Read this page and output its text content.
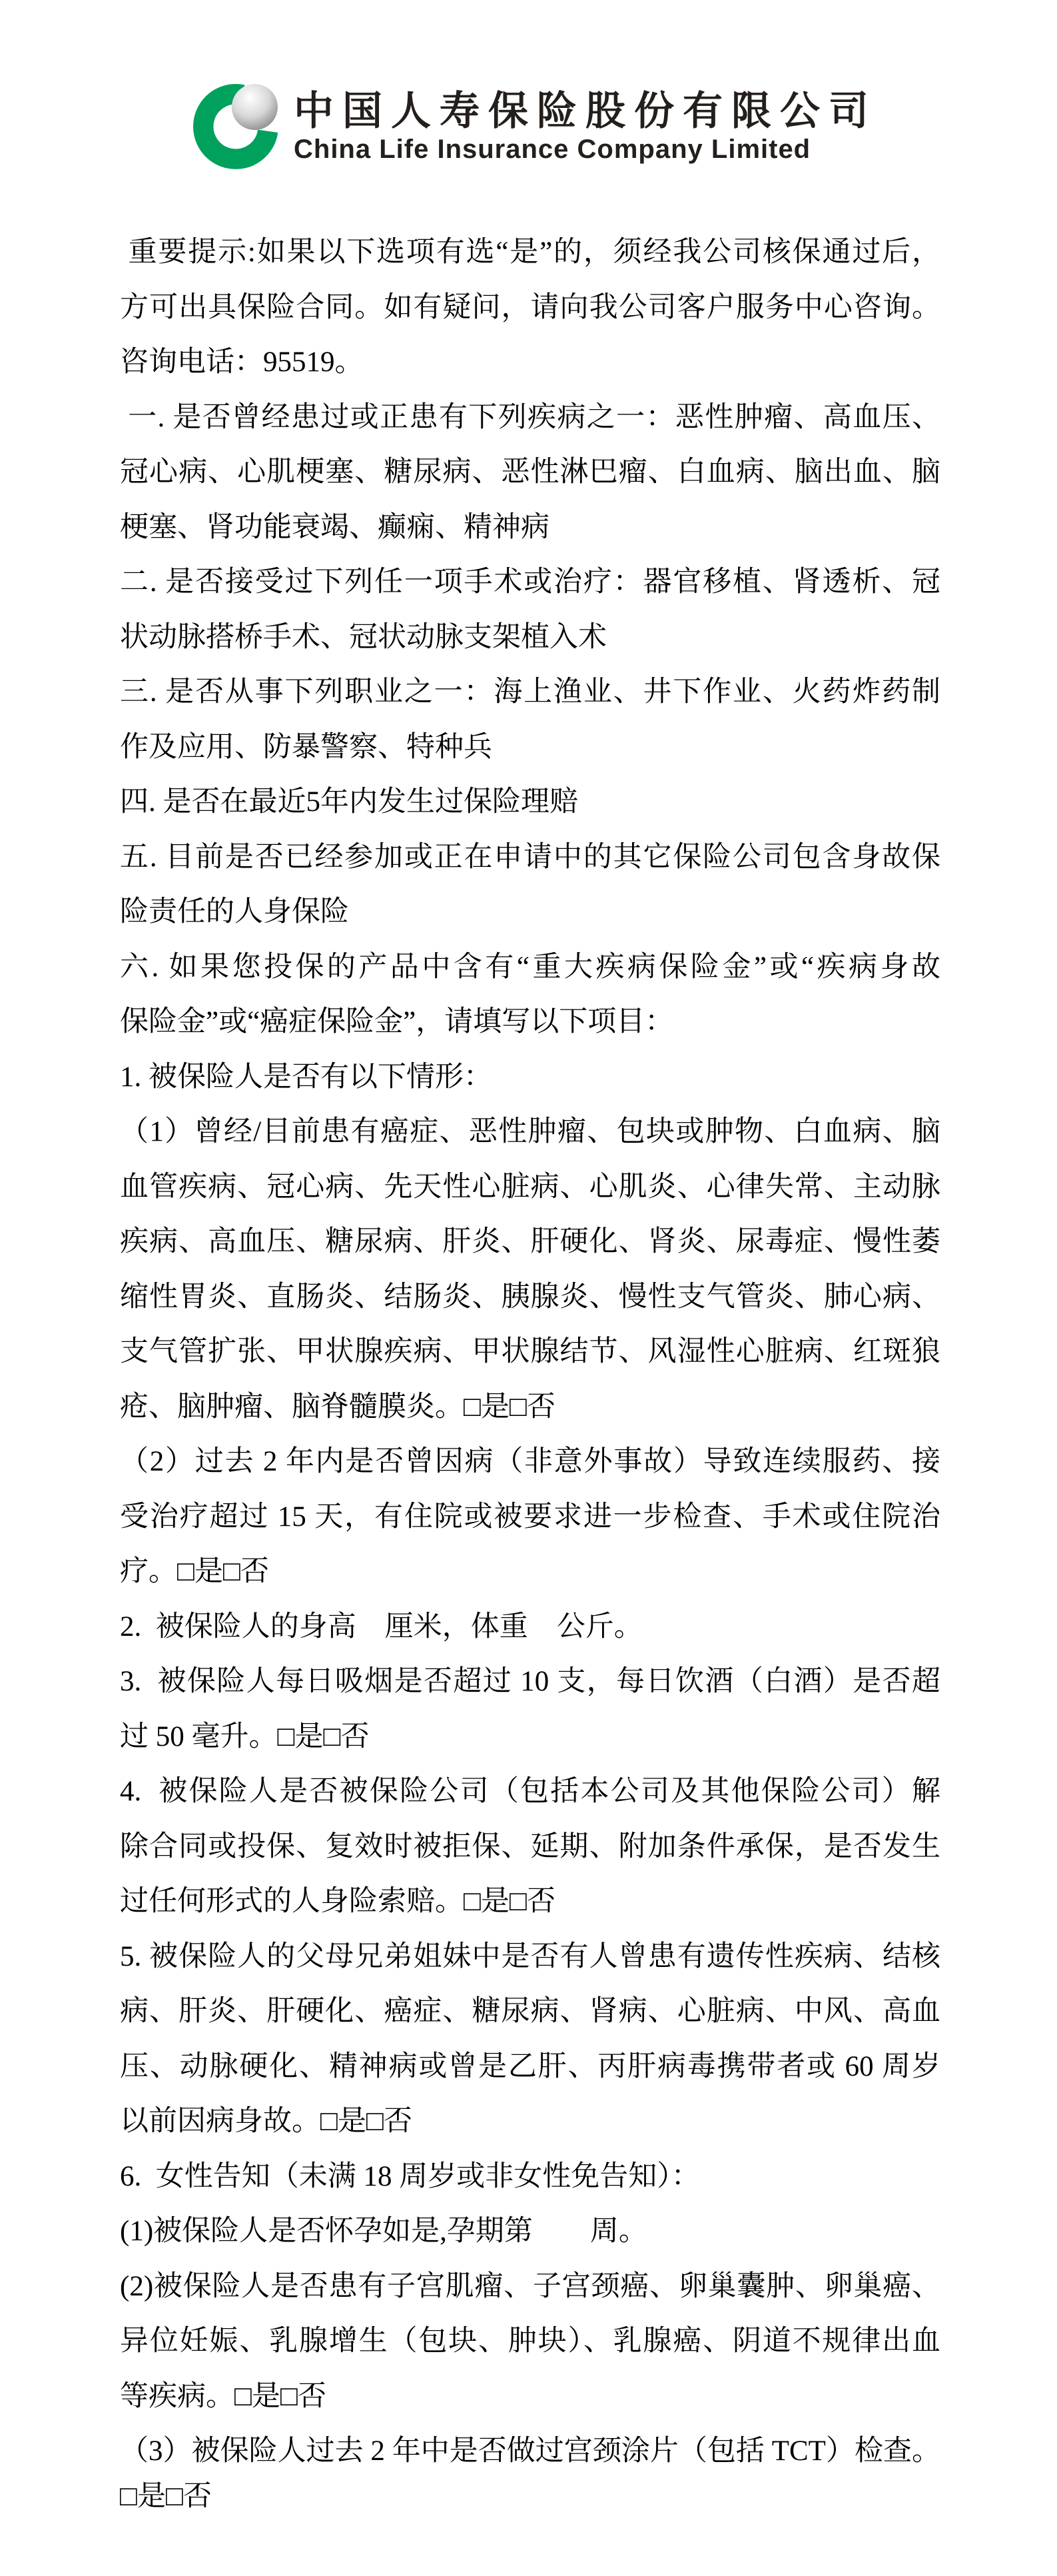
中国人寿保险股份有限公司
China Life Insurance Company Limited
重要提示:如果以下选项有选“是”的，须经我公司核保通过后，
方可出具保险合同。如有疑问，请向我公司客户服务中心咨询。
咨询电话：95519。
一. 是否曾经患过或正患有下列疾病之一：恶性肿瘤、高血压、
冠心病、心肌梗塞、糖尿病、恶性淋巴瘤、白血病、脑出血、脑
梗塞、肾功能衰竭、癫痫、精神病
二. 是否接受过下列任一项手术或治疗：器官移植、肾透析、冠
状动脉搭桥手术、冠状动脉支架植入术
三. 是否从事下列职业之一：海上渔业、井下作业、火药炸药制
作及应用、防暴警察、特种兵
四. 是否在最近5年内发生过保险理赔
五. 目前是否已经参加或正在申请中的其它保险公司包含身故保
险责任的人身保险
六. 如果您投保的产品中含有“重大疾病保险金”或“疾病身故
保险金”或“癌症保险金”，请填写以下项目：
1. 被保险人是否有以下情形：
（1）曾经/目前患有癌症、恶性肿瘤、包块或肿物、白血病、脑
血管疾病、冠心病、先天性心脏病、心肌炎、心律失常、主动脉
疾病、高血压、糖尿病、肝炎、肝硬化、肾炎、尿毒症、慢性萎
缩性胃炎、直肠炎、结肠炎、胰腺炎、慢性支气管炎、肺心病、
支气管扩张、甲状腺疾病、甲状腺结节、风湿性心脏病、红斑狼
疮、脑肿瘤、脑脊髓膜炎。□是□否
（2）过去 2 年内是否曾因病（非意外事故）导致连续服药、接
受治疗超过 15 天，有住院或被要求进一步检查、手术或住院治
疗。□是□否
2.  被保险人的身高　厘米，体重　公斤。
3.  被保险人每日吸烟是否超过 10 支，每日饮酒（白酒）是否超
过 50 毫升。□是□否
4.  被保险人是否被保险公司（包括本公司及其他保险公司）解
除合同或投保、复效时被拒保、延期、附加条件承保，是否发生
过任何形式的人身险索赔。□是□否
5. 被保险人的父母兄弟姐妹中是否有人曾患有遗传性疾病、结核
病、肝炎、肝硬化、癌症、糖尿病、肾病、心脏病、中风、高血
压、动脉硬化、精神病或曾是乙肝、丙肝病毒携带者或 60 周岁
以前因病身故。□是□否
6.  女性告知（未满 18 周岁或非女性免告知）：
(1)被保险人是否怀孕如是,孕期第　　周。
(2)被保险人是否患有子宫肌瘤、子宫颈癌、卵巢囊肿、卵巢癌、
异位妊娠、乳腺增生（包块、肿块）、乳腺癌、阴道不规律出血
等疾病。□是□否
（3）被保险人过去 2 年中是否做过宫颈涂片（包括 TCT）检查。
□是□否
